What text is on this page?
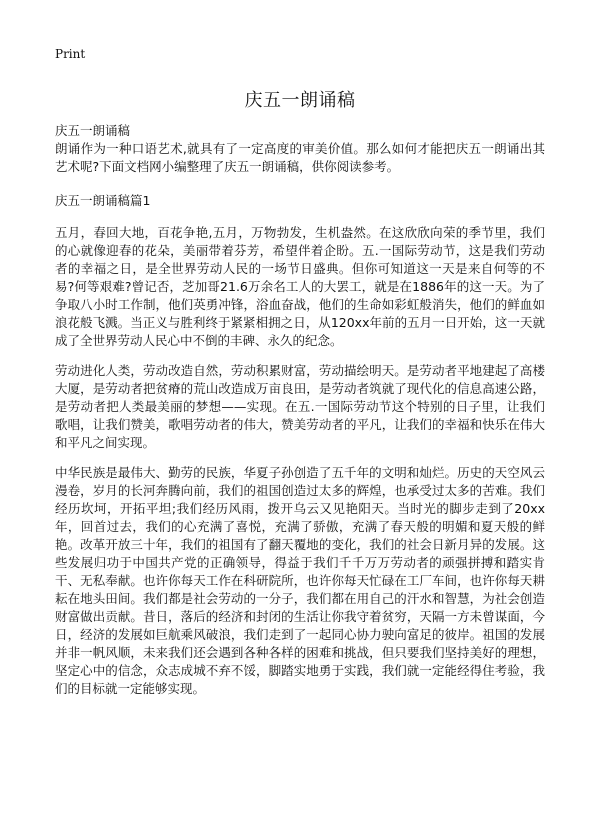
Print
庆五一朗诵稿

庆五一朗诵稿

朗诵作为一种口语艺术,就具有了一定高度的审美价值。那么如何才能把庆五一朗诵出其艺术呢?下面文档网小编整理了庆五一朗诵稿，供你阅读参考。

庆五一朗诵稿篇1

五月，春回大地，百花争艳,五月，万物勃发，生机盎然。在这欣欣向荣的季节里，我们的心就像迎春的花朵，美丽带着芬芳，希望伴着企盼。五.一国际劳动节，这是我们劳动者的幸福之日，是全世界劳动人民的一场节日盛典。但你可知道这一天是来自何等的不易?何等艰难?曾记否，芝加哥21.6万余名工人的大罢工，就是在1886年的这一天。为了争取八小时工作制，他们英勇冲锋，浴血奋战，他们的生命如彩虹般消失，他们的鲜血如浪花般飞溅。当正义与胜利终于紧紧相拥之日，从120xx年前的五月一日开始，这一天就成了全世界劳动人民心中不倒的丰碑、永久的纪念。

劳动进化人类，劳动改造自然，劳动积累财富，劳动描绘明天。是劳动者平地建起了高楼大厦，是劳动者把贫瘠的荒山改造成万亩良田，是劳动者筑就了现代化的信息高速公路，是劳动者把人类最美丽的梦想——实现。在五.一国际劳动节这个特别的日子里，让我们歌唱，让我们赞美，歌唱劳动者的伟大，赞美劳动者的平凡，让我们的幸福和快乐在伟大和平凡之间实现。

中华民族是最伟大、勤劳的民族，华夏子孙创造了五千年的文明和灿烂。历史的天空风云漫卷，岁月的长河奔腾向前，我们的祖国创造过太多的辉煌，也承受过太多的苦难。我们经历坎坷，开拓平坦;我们经历风雨，拨开乌云又见艳阳天。当时光的脚步走到了20xx年，回首过去，我们的心充满了喜悦，充满了骄傲，充满了春天般的明媚和夏天般的鲜艳。改革开放三十年，我们的祖国有了翻天覆地的变化，我们的社会日新月异的发展。这些发展归功于中国共产党的正确领导，得益于我们千千万万劳动者的顽强拼搏和踏实肯干、无私奉献。也许你每天工作在科研院所，也许你每天忙碌在工厂车间，也许你每天耕耘在地头田间。我们都是社会劳动的一分子，我们都在用自己的汗水和智慧，为社会创造财富做出贡献。昔日，落后的经济和封闭的生活让你我守着贫穷，天隔一方未曾谋面，今日，经济的发展如巨航乘风破浪，我们走到了一起同心协力驶向富足的彼岸。祖国的发展并非一帆风顺，未来我们还会遇到各种各样的困难和挑战，但只要我们坚持美好的理想，坚定心中的信念，众志成城不弃不馁，脚踏实地勇于实践，我们就一定能经得住考验，我们的目标就一定能够实现。
